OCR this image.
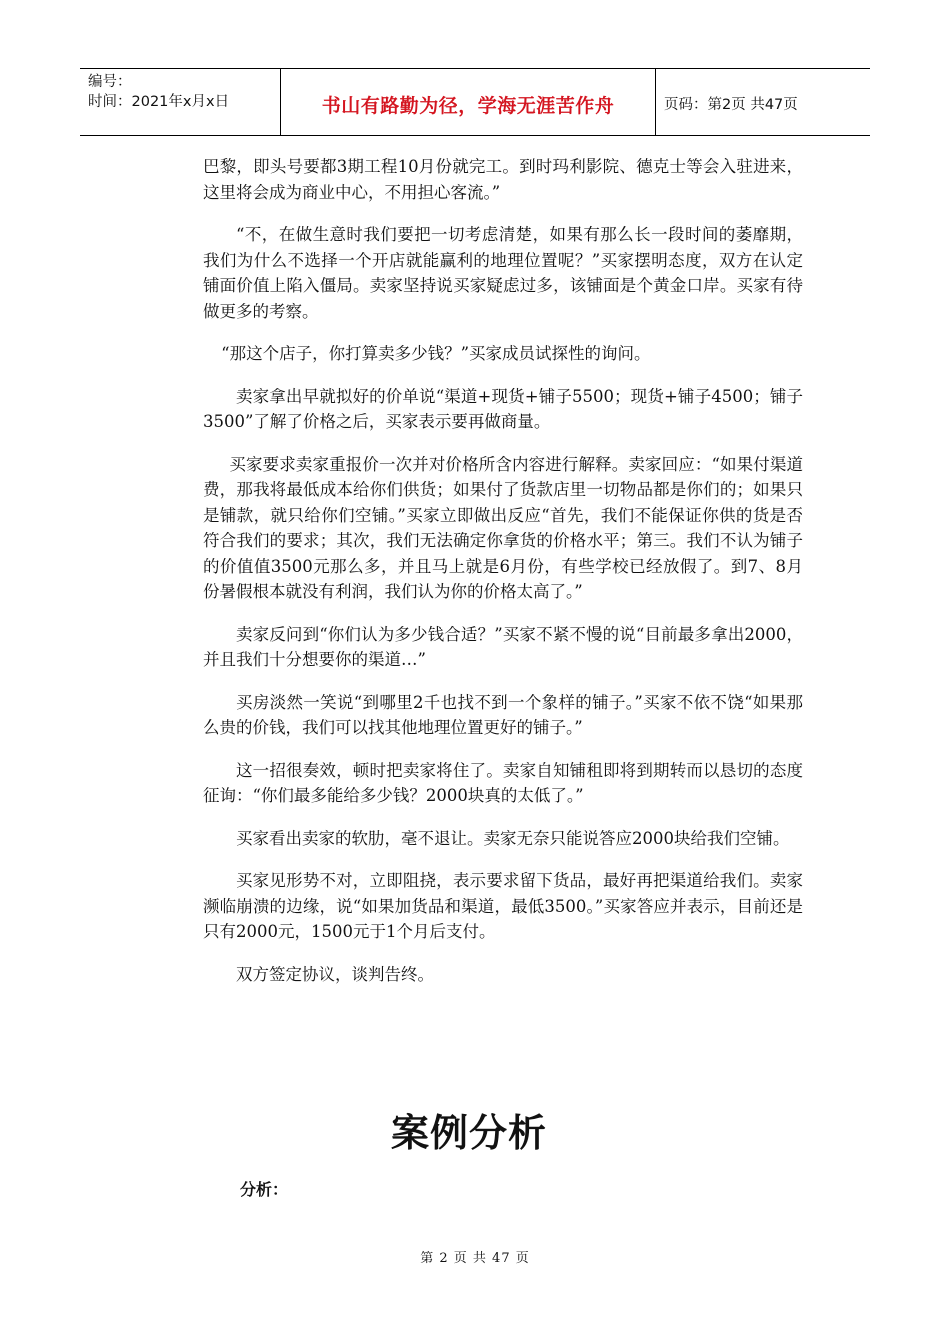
编号：
时间：2021年x月x日	书山有路勤为径，学海无涯苦作舟	页码：第2页 共47页

巴黎，即头号要都3期工程10月份就完工。到时玛利影院、德克士等会入驻进来，这里将会成为商业中心，不用担心客流。”

“不，在做生意时我们要把一切考虑清楚，如果有那么长一段时间的萎靡期，我们为什么不选择一个开店就能赢利的地理位置呢？”买家摆明态度，双方在认定铺面价值上陷入僵局。卖家坚持说买家疑虑过多，该铺面是个黄金口岸。买家有待做更多的考察。

“那这个店子，你打算卖多少钱？”买家成员试探性的询问。

卖家拿出早就拟好的价单说“渠道+现货+铺子5500；现货+铺子4500；铺子3500”了解了价格之后，买家表示要再做商量。

买家要求卖家重报价一次并对价格所含内容进行解释。卖家回应：“如果付渠道费，那我将最低成本给你们供货；如果付了货款店里一切物品都是你们的；如果只是铺款，就只给你们空铺。”买家立即做出反应“首先，我们不能保证你供的货是否符合我们的要求；其次，我们无法确定你拿货的价格水平；第三。我们不认为铺子的价值值3500元那么多，并且马上就是6月份，有些学校已经放假了。到7、8月份暑假根本就没有利润，我们认为你的价格太高了。”

卖家反问到“你们认为多少钱合适？”买家不紧不慢的说“目前最多拿出2000，并且我们十分想要你的渠道…”

买房淡然一笑说“到哪里2千也找不到一个象样的铺子。”买家不依不饶“如果那么贵的价钱，我们可以找其他地理位置更好的铺子。”

这一招很奏效，顿时把卖家将住了。卖家自知铺租即将到期转而以恳切的态度征询：“你们最多能给多少钱？2000块真的太低了。”

买家看出卖家的软肋，毫不退让。卖家无奈只能说答应2000块给我们空铺。

买家见形势不对，立即阻挠，表示要求留下货品，最好再把渠道给我们。卖家濒临崩溃的边缘，说“如果加货品和渠道，最低3500。”买家答应并表示，目前还是只有2000元，1500元于1个月后支付。

双方签定协议，谈判告终。

案例分析
分析：
第 2 页 共 47 页
